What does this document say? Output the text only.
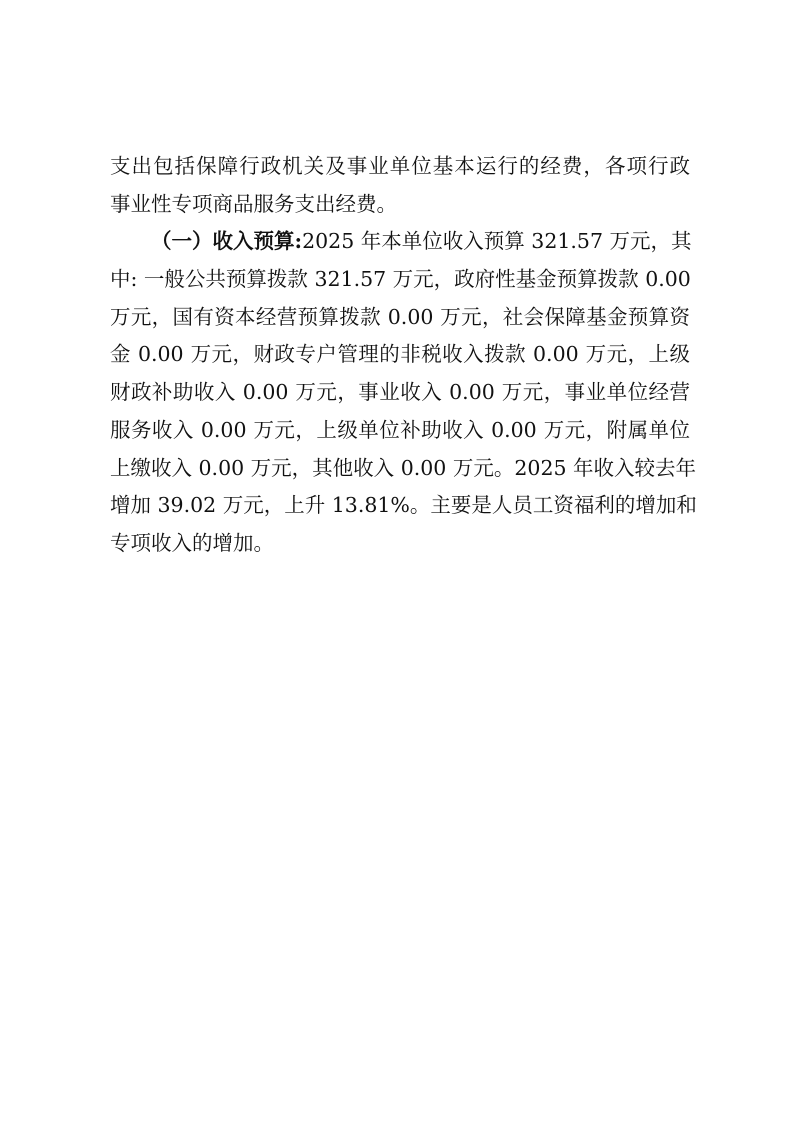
支出包括保障行政机关及事业单位基本运行的经费，各项行政
事业性专项商品服务支出经费。
（一）收入预算:2025 年本单位收入预算 321.57 万元，其
中: 一般公共预算拨款 321.57 万元，政府性基金预算拨款 0.00
万元，国有资本经营预算拨款 0.00 万元，社会保障基金预算资
金 0.00 万元，财政专户管理的非税收入拨款 0.00 万元，上级
财政补助收入 0.00 万元，事业收入 0.00 万元，事业单位经营
服务收入 0.00 万元，上级单位补助收入 0.00 万元，附属单位
上缴收入 0.00 万元，其他收入 0.00 万元。2025 年收入较去年
增加 39.02 万元，上升 13.81%。主要是人员工资福利的增加和
专项收入的增加。
